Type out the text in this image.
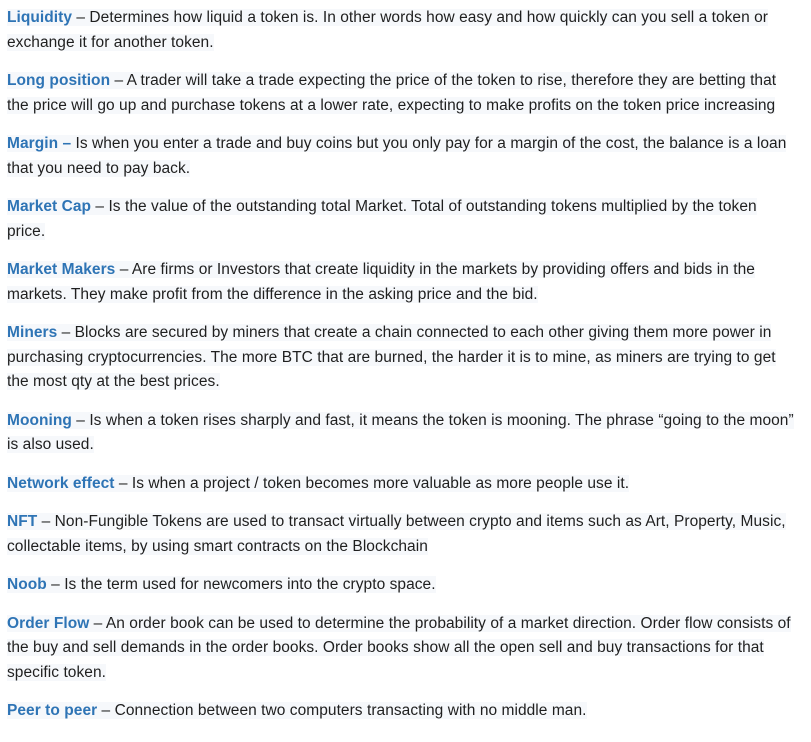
Liquidity – Determines how liquid a token is. In other words how easy and how quickly can you sell a token or exchange it for another token.

Long position – A trader will take a trade expecting the price of the token to rise, therefore they are betting that the price will go up and purchase tokens at a lower rate, expecting to make profits on the token price increasing

Margin – Is when you enter a trade and buy coins but you only pay for a margin of the cost, the balance is a loan that you need to pay back.

Market Cap – Is the value of the outstanding total Market. Total of outstanding tokens multiplied by the token price.

Market Makers – Are firms or Investors that create liquidity in the markets by providing offers and bids in the markets. They make profit from the difference in the asking price and the bid.

Miners – Blocks are secured by miners that create a chain connected to each other giving them more power in purchasing cryptocurrencies. The more BTC that are burned, the harder it is to mine, as miners are trying to get the most qty at the best prices.

Mooning – Is when a token rises sharply and fast, it means the token is mooning. The phrase “going to the moon” is also used.

Network effect – Is when a project / token becomes more valuable as more people use it.

NFT – Non-Fungible Tokens are used to transact virtually between crypto and items such as Art, Property, Music, collectable items, by using smart contracts on the Blockchain

Noob – Is the term used for newcomers into the crypto space.

Order Flow – An order book can be used to determine the probability of a market direction. Order flow consists of the buy and sell demands in the order books. Order books show all the open sell and buy transactions for that specific token.

Peer to peer – Connection between two computers transacting with no middle man.
